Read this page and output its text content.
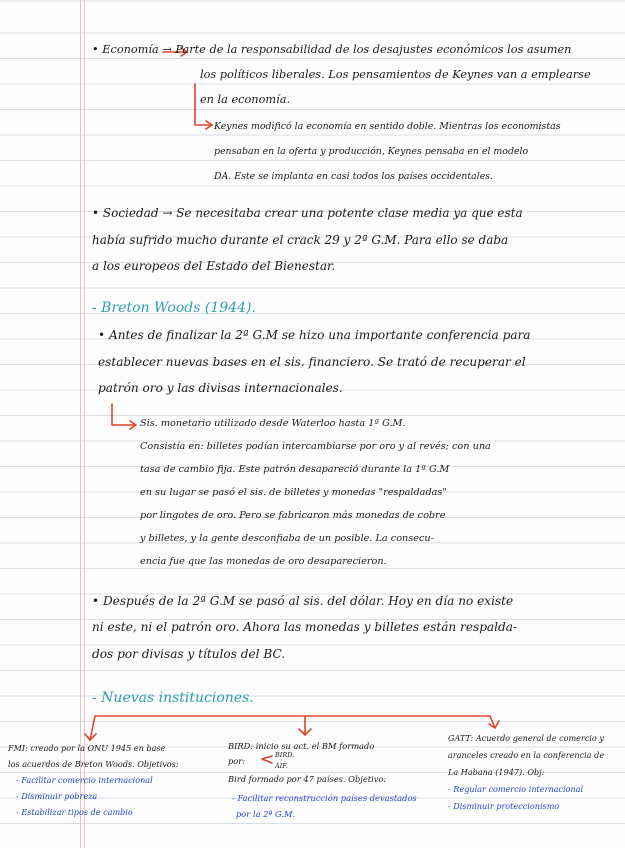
• Economía → Parte de la responsabilidad de los desajustes económicos los asumen
los políticos liberales. Los pensamientos de Keynes van a emplearse
en la economía.
Keynes modificó la economía en sentido doble. Mientras los economistas
pensaban en la oferta y producción, Keynes pensaba en el modelo
DA. Este se implanta en casi todos los países occidentales.
• Sociedad → Se necesitaba crear una potente clase media ya que esta
había sufrido mucho durante el crack 29 y 2ª G.M. Para ello se daba
a los europeos del Estado del Bienestar.
- Breton Woods (1944).
• Antes de finalizar la 2ª G.M se hizo una importante conferencia para
establecer nuevas bases en el sis. financiero. Se trató de recuperar el
patrón oro y las divisas internacionales.
Sis. monetario utilizado desde Waterloo hasta 1ª G.M.
Consistía en: billetes podían intercambiarse por oro y al revés; con una
tasa de cambio fija. Este patrón desapareció durante la 1ª G.M
en su lugar se pasó el sis. de billetes y monedas "respaldadas"
por lingotes de oro. Pero se fabricaron más monedas de cobre
y billetes, y la gente desconfiaba de un posible. La consecu-
encia fue que las monedas de oro desaparecieron.
• Después de la 2ª G.M se pasó al sis. del dólar. Hoy en día no existe
ni este, ni el patrón oro. Ahora las monedas y billetes están respalda-
dos por divisas y títulos del BC.
- Nuevas instituciones.
FMI: creado por la ONU 1945 en base
los acuerdos de Breton Woods. Objetivos:
- Facilitar comercio internacional
- Disminuir pobreza
- Estabilizar tipos de cambio
BIRD: inicio su act. el BM formado
por:
BIRD.
AIF.
Bird formado por 47 países. Objetivo:
- Facilitar reconstrucción países devastados
por la 2ª G.M.
GATT: Acuerdo general de comercio y
aranceles creado en la conferencia de
La Habana (1947). Obj:
- Regular comercio internacional
- Disminuir proteccionismo
